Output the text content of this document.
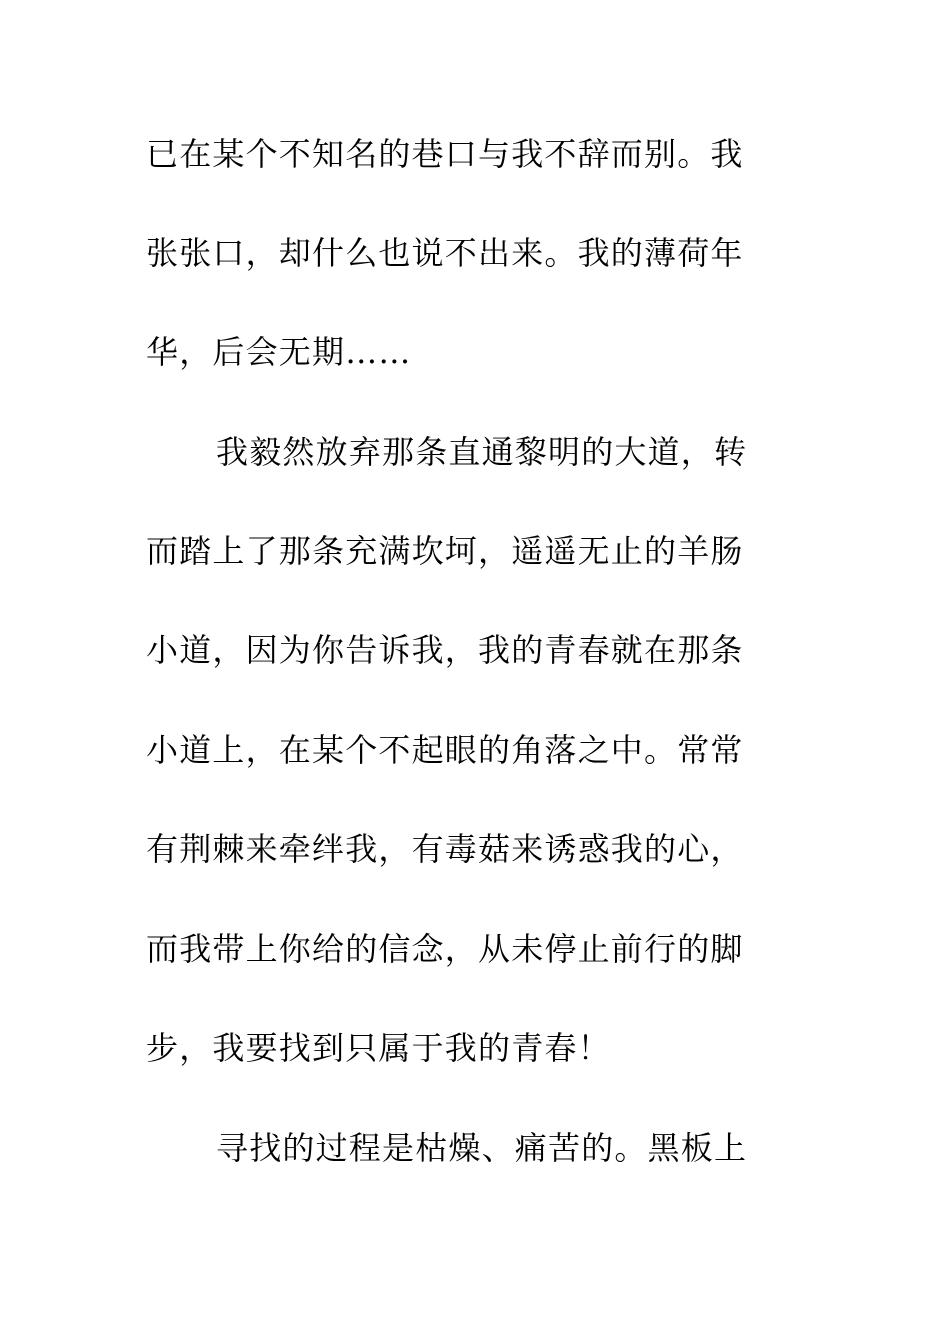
已在某个不知名的巷口与我不辞而别。我
张张口，却什么也说不出来。我的薄荷年
华，后会无期……
我毅然放弃那条直通黎明的大道，转
而踏上了那条充满坎坷，遥遥无止的羊肠
小道，因为你告诉我，我的青春就在那条
小道上，在某个不起眼的角落之中。常常
有荆棘来牵绊我，有毒菇来诱惑我的心，
而我带上你给的信念，从未停止前行的脚
步，我要找到只属于我的青春！
寻找的过程是枯燥、痛苦的。黑板上
